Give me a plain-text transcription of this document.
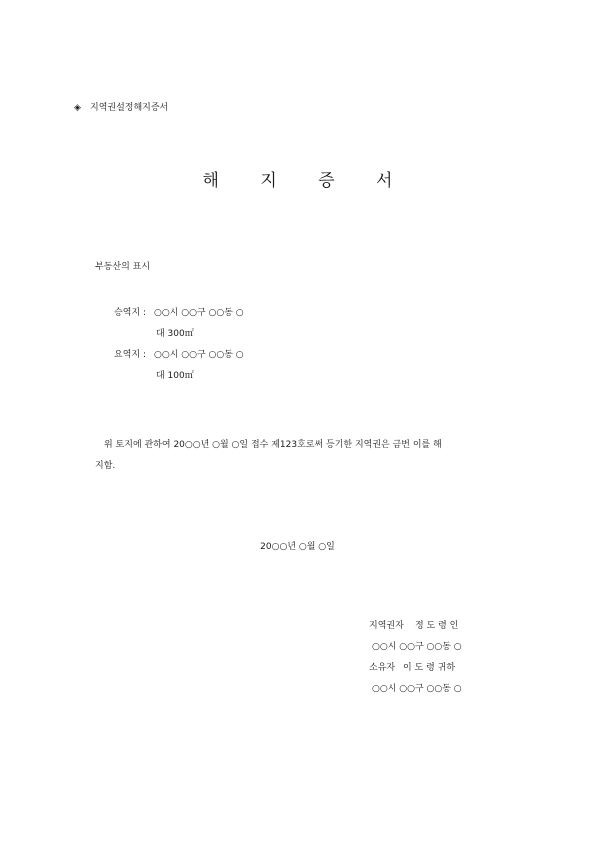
◈ 지역권설정해지증서
해 지 증 서
부동산의 표시
승역지 : ○○시 ○○구 ○○동 ○
대 300㎡
요역지 : ○○시 ○○구 ○○동 ○
대 100㎡
위 토지에 관하여 20○○년 ○월 ○일 접수 제123호로써 등기한 지역권은 금번 이를 해
지함.
20○○년 ○월 ○일
지역권자 정 도 령 인
○○시 ○○구 ○○동 ○
소유자 이 도 령 귀하
○○시 ○○구 ○○동 ○
